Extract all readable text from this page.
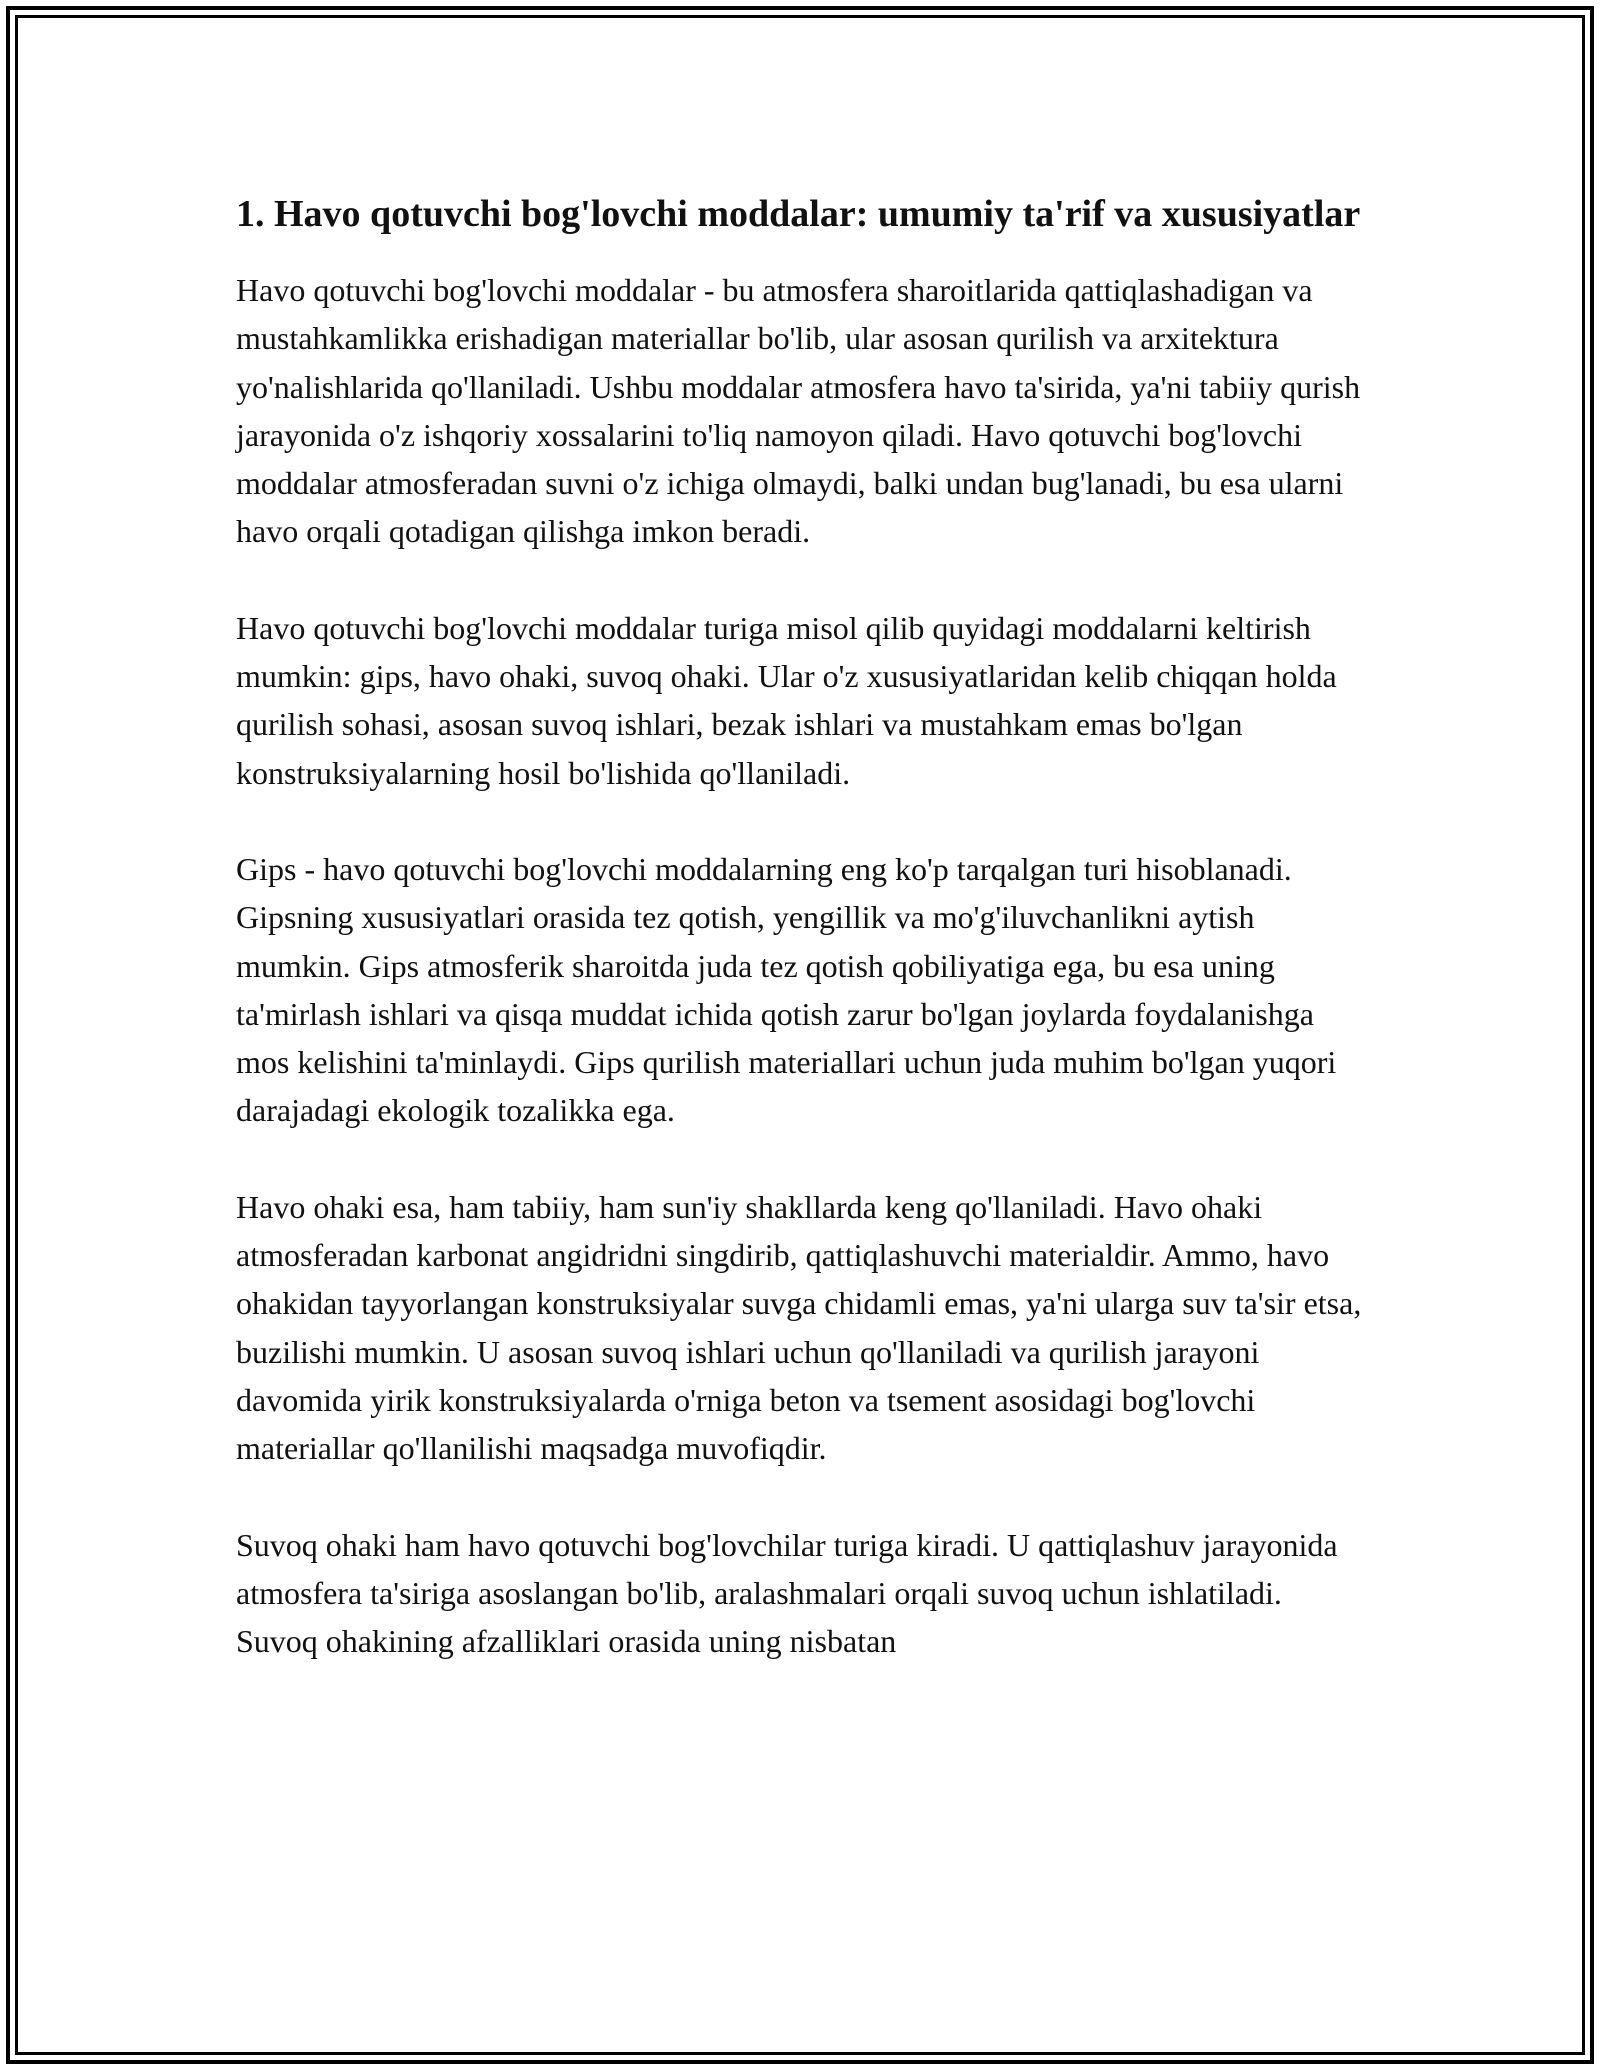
1. Havo qotuvchi bog'lovchi moddalar: umumiy ta'rif va xususiyatlar

Havo qotuvchi bog'lovchi moddalar - bu atmosfera sharoitlarida qattiqlashadigan va mustahkamlikka erishadigan materiallar bo'lib, ular asosan qurilish va arxitektura yo'nalishlarida qo'llaniladi. Ushbu moddalar atmosfera havo ta'sirida, ya'ni tabiiy qurish jarayonida o'z ishqoriy xossalarini to'liq namoyon qiladi. Havo qotuvchi bog'lovchi moddalar atmosferadan suvni o'z ichiga olmaydi, balki undan bug'lanadi, bu esa ularni havo orqali qotadigan qilishga imkon beradi.

Havo qotuvchi bog'lovchi moddalar turiga misol qilib quyidagi moddalarni keltirish mumkin: gips, havo ohaki, suvoq ohaki. Ular o'z xususiyatlaridan kelib chiqqan holda qurilish sohasi, asosan suvoq ishlari, bezak ishlari va mustahkam emas bo'lgan konstruksiyalarning hosil bo'lishida qo'llaniladi.

Gips - havo qotuvchi bog'lovchi moddalarning eng ko'p tarqalgan turi hisoblanadi. Gipsning xususiyatlari orasida tez qotish, yengillik va mo'g'iluvchanlikni aytish mumkin. Gips atmosferik sharoitda juda tez qotish qobiliyatiga ega, bu esa uning ta'mirlash ishlari va qisqa muddat ichida qotish zarur bo'lgan joylarda foydalanishga mos kelishini ta'minlaydi. Gips qurilish materiallari uchun juda muhim bo'lgan yuqori darajadagi ekologik tozalikka ega.

Havo ohaki esa, ham tabiiy, ham sun'iy shakllarda keng qo'llaniladi. Havo ohaki atmosferadan karbonat angidridni singdirib, qattiqlashuvchi materialdir. Ammo, havo ohakidan tayyorlangan konstruksiyalar suvga chidamli emas, ya'ni ularga suv ta'sir etsa, buzilishi mumkin. U asosan suvoq ishlari uchun qo'llaniladi va qurilish jarayoni davomida yirik konstruksiyalarda o'rniga beton va tsement asosidagi bog'lovchi materiallar qo'llanilishi maqsadga muvofiqdir.

Suvoq ohaki ham havo qotuvchi bog'lovchilar turiga kiradi. U qattiqlashuv jarayonida atmosfera ta'siriga asoslangan bo'lib, aralashmalari orqali suvoq uchun ishlatiladi. Suvoq ohakining afzalliklari orasida uning nisbatan
